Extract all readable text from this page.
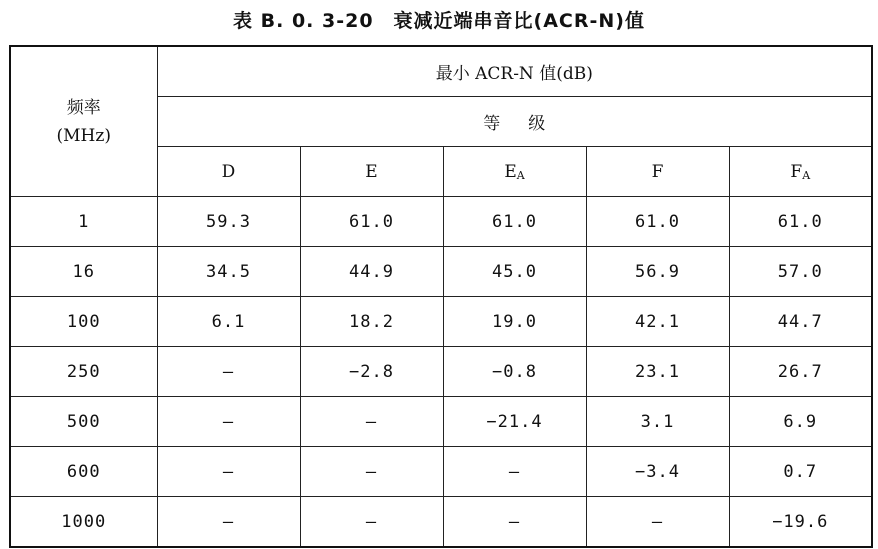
表 B. 0. 3-20　衰减近端串音比(ACR-N)值
频率
(MHz)	最小 ACR-N 值(dB)				
	等级				
	D	E	EA	F	FA
1	59.3	61.0	61.0	61.0	61.0
16	34.5	44.9	45.0	56.9	57.0
100	6.1	18.2	19.0	42.1	44.7
250	—	−2.8	−0.8	23.1	26.7
500	—	—	−21.4	3.1	6.9
600	—	—	—	−3.4	0.7
1000	—	—	—	—	−19.6
